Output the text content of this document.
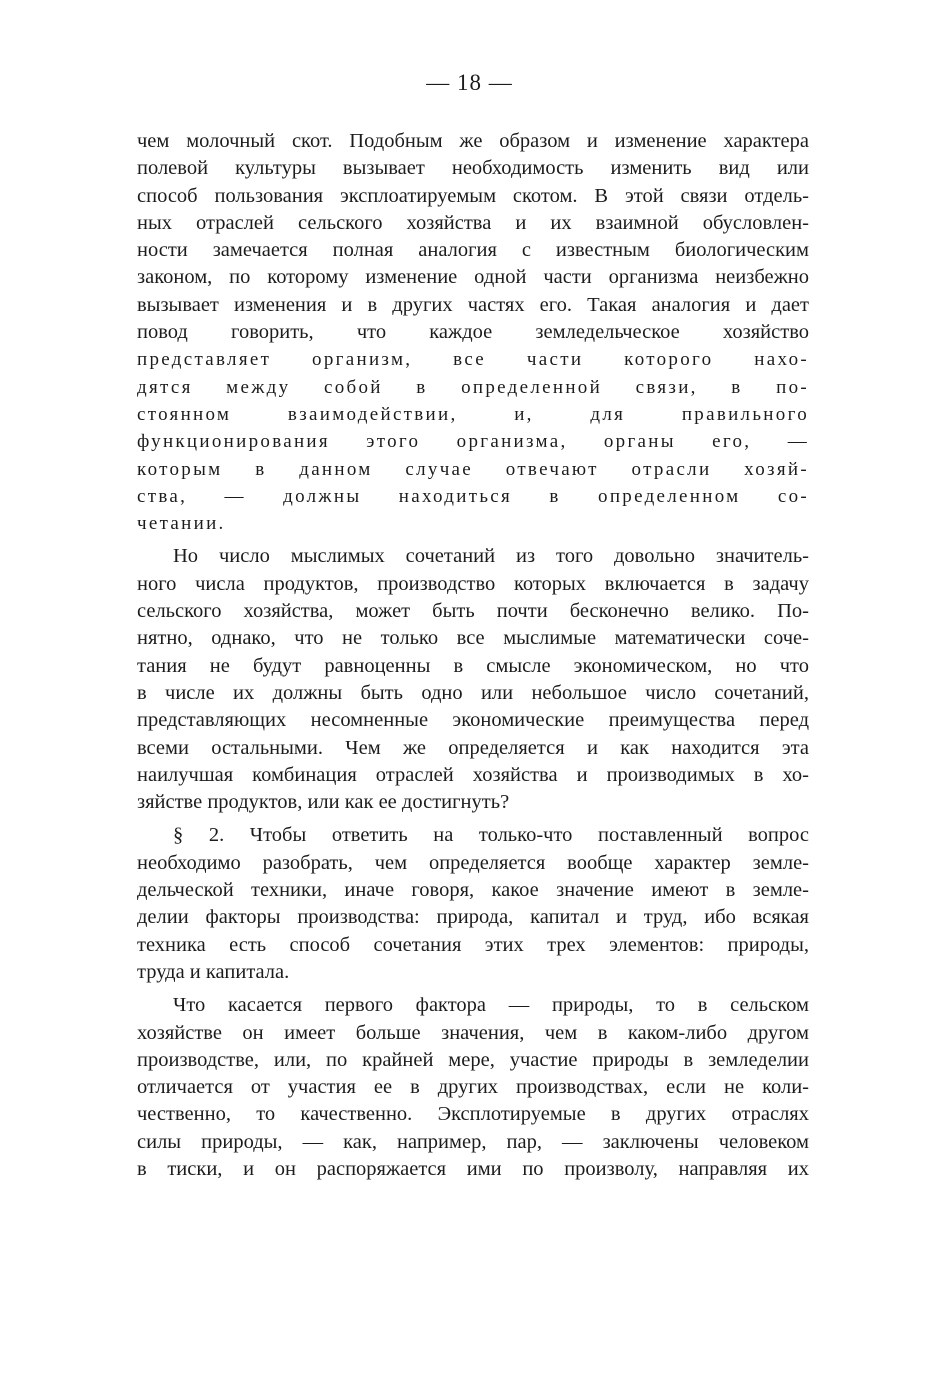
— 18 —
чем молочный скот. Подобным же образом и изменение характера
полевой культуры вызывает необходимость изменить вид или
способ пользования эксплоатируемым скотом. В этой связи отдель-
ных отраслей сельского хозяйства и их взаимной обусловлен-
ности замечается полная аналогия с известным биологическим
законом, по которому изменение одной части организма неизбежно
вызывает изменения и в других частях его. Такая аналогия и дает
повод говорить, что каждое земледельческое хозяйство
представляет организм, все части которого нахо-
дятся между собой в определенной связи, в по-
стоянном взаимодействии, и, для правильного
функционирования этого организма, органы его, —
которым в данном случае отвечают отрасли хозяй-
ства, — должны находиться в определенном со-
четании.
Но число мыслимых сочетаний из того довольно значитель-
ного числа продуктов, производство которых включается в задачу
сельского хозяйства, может быть почти бесконечно велико. По-
нятно, однако, что не только все мыслимые математически соче-
тания не будут равноценны в смысле экономическом, но что
в числе их должны быть одно или небольшое число сочетаний,
представляющих несомненные экономические преимущества перед
всеми остальными. Чем же определяется и как находится эта
наилучшая комбинация отраслей хозяйства и производимых в хо-
зяйстве продуктов, или как ее достигнуть?
§ 2. Чтобы ответить на только-что поставленный вопрос
необходимо разобрать, чем определяется вообще характер земле-
дельческой техники, иначе говоря, какое значение имеют в земле-
делии факторы производства: природа, капитал и труд, ибо всякая
техника есть способ сочетания этих трех элементов: природы,
труда и капитала.
Что касается первого фактора — природы, то в сельском
хозяйстве он имеет больше значения, чем в каком-либо другом
производстве, или, по крайней мере, участие природы в земледелии
отличается от участия ее в других производствах, если не коли-
чественно, то качественно. Эксплотируемые в других отраслях
силы природы, — как, например, пар, — заключены человеком
в тиски, и он распоряжается ими по произволу, направляя их
